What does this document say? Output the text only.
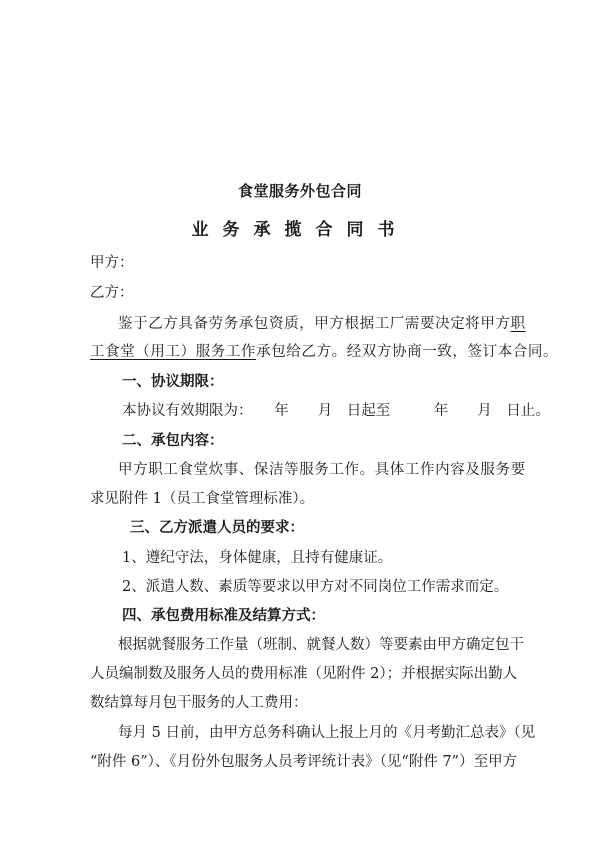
食堂服务外包合同
业务承揽合同书
甲方：
乙方：
鉴于乙方具备劳务承包资质，甲方根据工厂需要决定将甲方职
工食堂（用工）服务工作承包给乙方。经双方协商一致，签订本合同。
一、协议期限：
本协议有效期限为：　　年　　月　日起至　　　年　　月　日止。
二、承包内容：
甲方职工食堂炊事、保洁等服务工作。具体工作内容及服务要
求见附件 1（员工食堂管理标准）。
三、乙方派遣人员的要求：
1、遵纪守法，身体健康，且持有健康证。
2、派遣人数、素质等要求以甲方对不同岗位工作需求而定。
四、承包费用标准及结算方式：
根据就餐服务工作量（班制、就餐人数）等要素由甲方确定包干
人员编制数及服务人员的费用标准（见附件 2）；并根据实际出勤人
数结算每月包干服务的人工费用：
每月 5 日前，由甲方总务科确认上报上月的《月考勤汇总表》（见
“附件 6”）、《月份外包服务人员考评统计表》（见“附件 7”）至甲方
